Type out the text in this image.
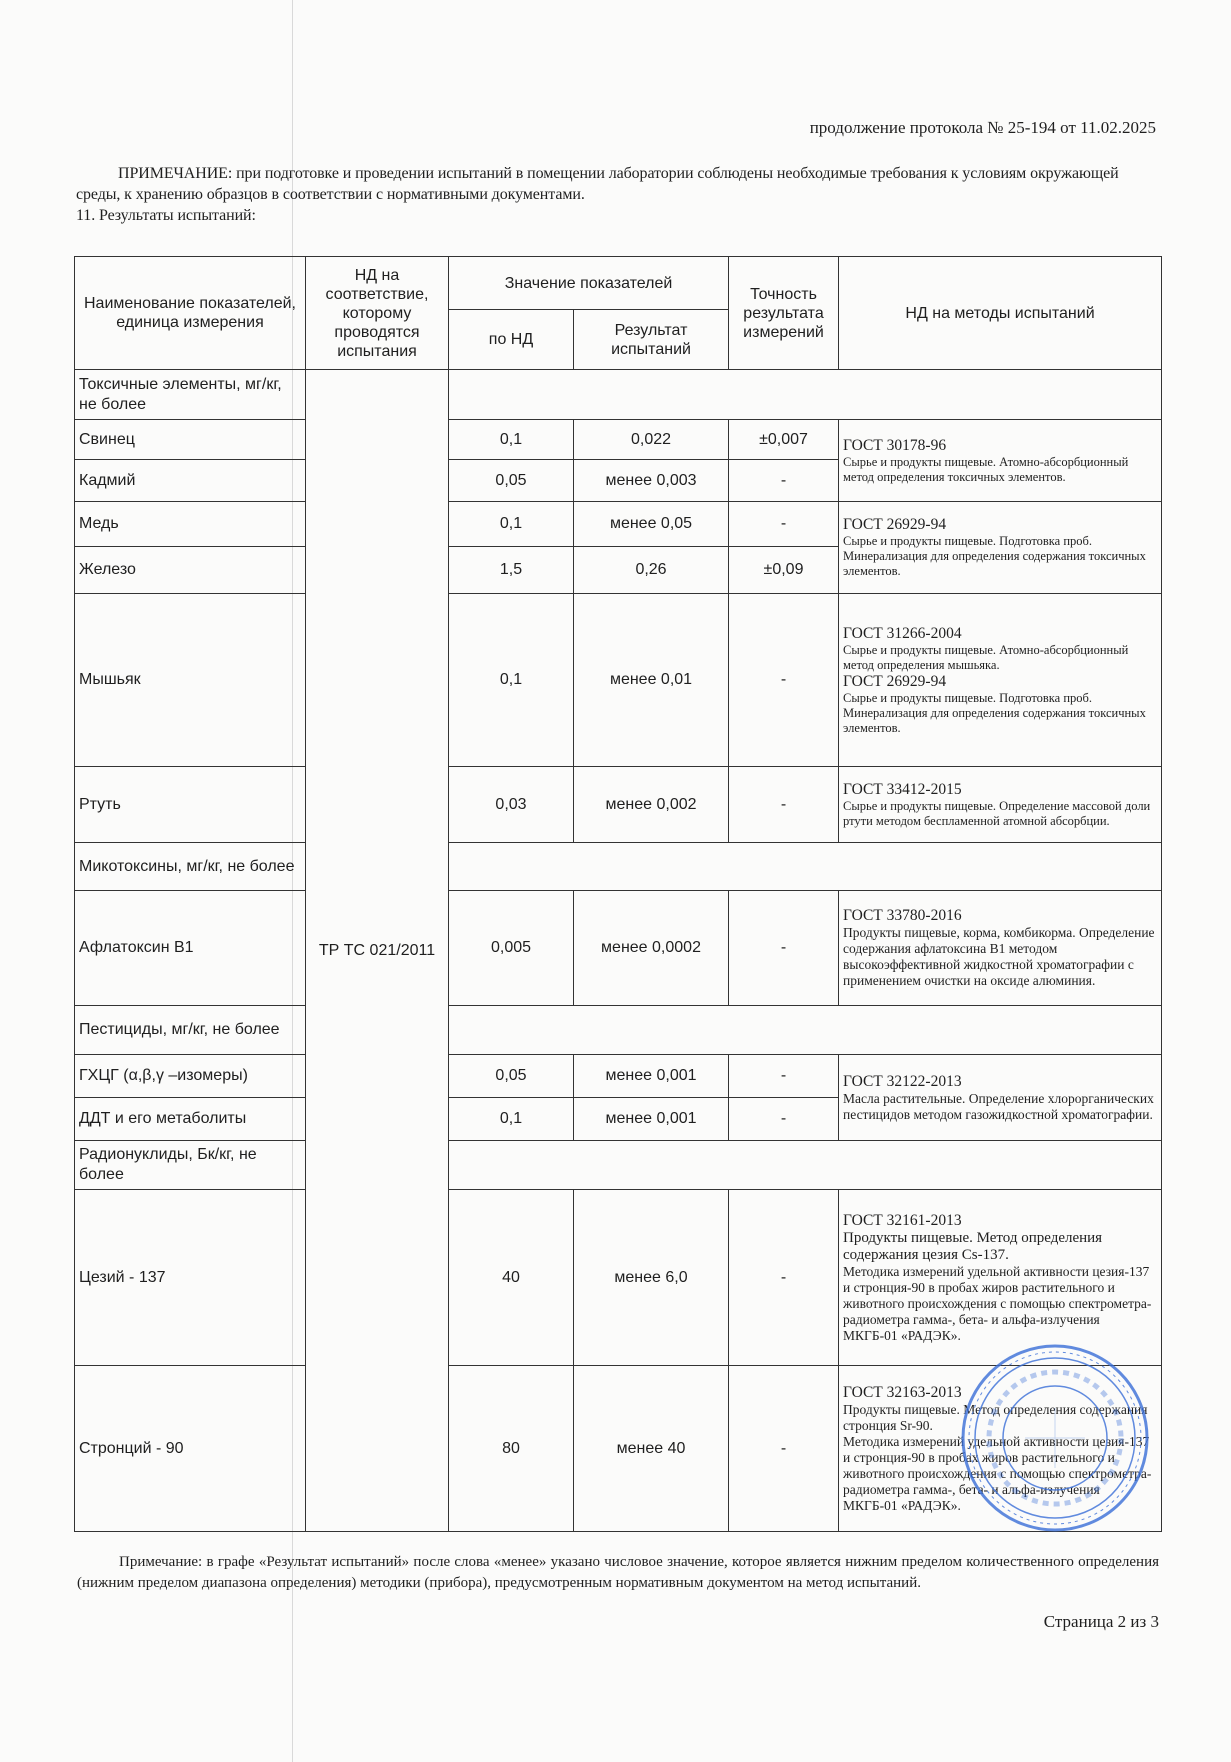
продолжение протокола № 25-194 от 11.02.2025
ПРИМЕЧАНИЕ: при подготовке и проведении испытаний в помещении лаборатории соблюдены необходимые требования к условиям окружающей среды, к хранению образцов в соответствии с нормативными документами.
11. Результаты испытаний:
Наименование показателей, единица измерения	НД на соответствие, которому проводятся испытания	Значение показателей		Точность результата измерений	НД на методы испытаний
		по НД	Результат испытаний		
Токсичные элементы, мг/кг, не более	ТР ТС 021/2011				
Свинец		0,1	0,022	±0,007	ГОСТ 30178-96
Сырье и продукты пищевые. Атомно-абсорбционный метод определения токсичных элементов.

Кадмий		0,05	менее 0,003	-	
Медь		0,1	менее 0,05	-	ГОСТ 26929-94
Сырье и продукты пищевые. Подготовка проб. Минерализация для определения содержания токсичных элементов.

Железо		1,5	0,26	±0,09	
Мышьяк		0,1	менее 0,01	-	ГОСТ 31266-2004
Сырье и продукты пищевые. Атомно-абсорбционный метод определения мышьяка.
ГОСТ 26929-94
Сырье и продукты пищевые. Подготовка проб. Минерализация для определения содержания токсичных элементов.

Ртуть		0,03	менее 0,002	-	ГОСТ 33412-2015
Сырье и продукты пищевые. Определение массовой доли ртути методом беспламенной атомной абсорбции.

Микотоксины, мг/кг, не более					
Афлатоксин B1		0,005	менее 0,0002	-	ГОСТ 33780-2016
Продукты пищевые, корма, комбикорма. Определение содержания афлатоксина B1 методом высокоэффективной жидкостной хроматографии с применением очистки на оксиде алюминия.

Пестициды, мг/кг, не более					
ГХЦГ (α,β,γ –изомеры)		0,05	менее 0,001	-	ГОСТ 32122-2013
Масла растительные. Определение хлорорганических пестицидов методом газожидкостной хроматографии.

ДДТ и его метаболиты		0,1	менее 0,001	-	
Радионуклиды, Бк/кг, не более					
Цезий - 137		40	менее 6,0	-	ГОСТ 32161-2013
Продукты пищевые. Метод определения содержания цезия Cs-137.
Методика измерений удельной активности цезия-137 и стронция-90 в пробах жиров растительного и животного происхождения с помощью спектрометра-радиометра гамма-, бета- и альфа-излучения МКГБ-01 «РАДЭК».

Стронций - 90		80	менее 40	-	ГОСТ 32163-2013
Продукты пищевые. Метод определения содержания стронция Sr-90.
Методика измерений удельной активности цезия-137 и стронция-90 в пробах жиров растительного и животного происхождения с помощью спектрометра-радиометра гамма-, бета- и альфа-излучения МКГБ-01 «РАДЭК».
Примечание: в графе «Результат испытаний» после слова «менее» указано числовое значение, которое является нижним пределом количественного определения (нижним пределом диапазона определения) методики (прибора), предусмотренным нормативным документом на метод испытаний.
Страница 2 из 3
